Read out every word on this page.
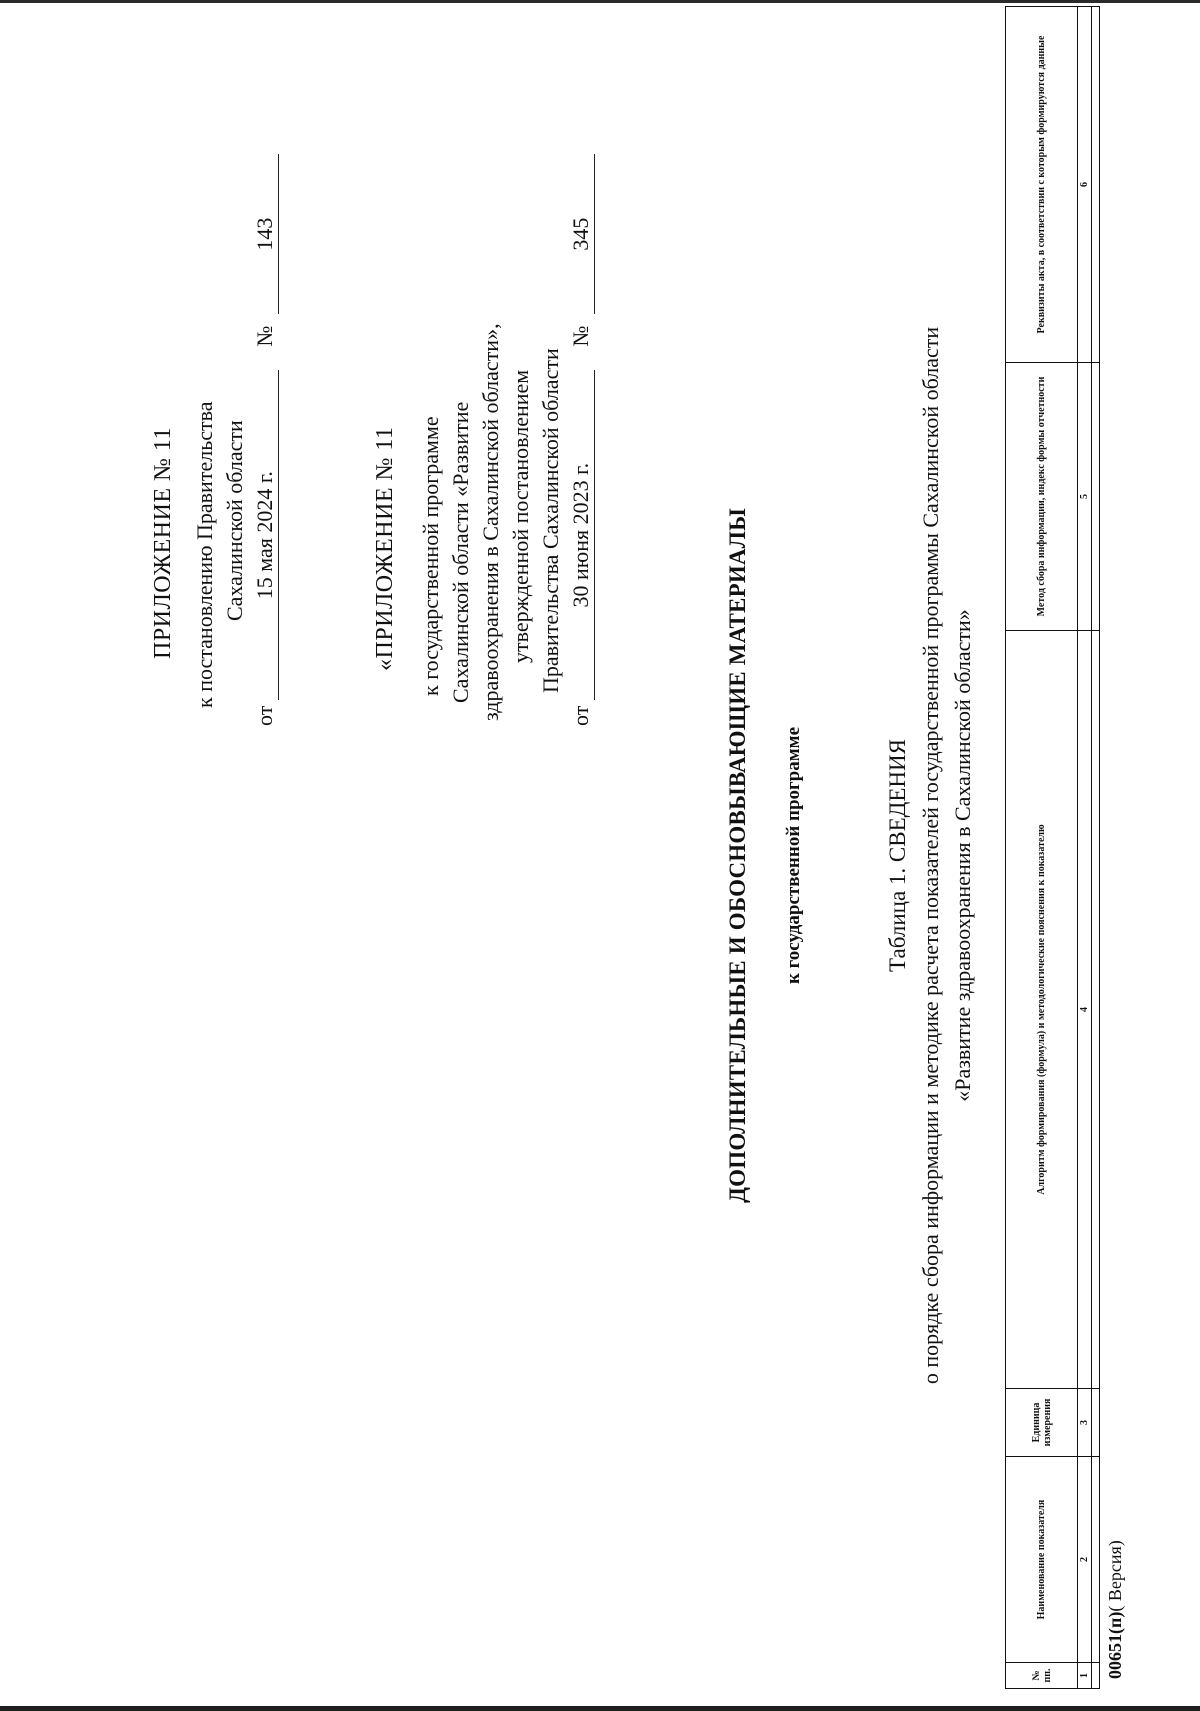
ПРИЛОЖЕНИЕ № 11 к постановлению Правительства Сахалинской области
от 15 мая 2024 г. № 143
«ПРИЛОЖЕНИЕ № 11 к государственной программе Сахалинской области «Развитие здравоохранения в Сахалинской области», утвержденной постановлением Правительства Сахалинской области
от 30 июня 2023 г. № 345
ДОПОЛНИТЕЛЬНЫЕ И ОБОСНОВЫВАЮЩИЕ МАТЕРИАЛЫ к государственной программе	Таблица 1. СВЕДЕНИЯ о порядке сбора информации и методике расчета показателей государственной программы Сахалинской области «Развитие здравоохранения в Сахалинской области»
№ пп.	Наименование показателя	Единица измерения	Алгоритм формирования (формула) и методологические пояснения к показателю	Метод сбора информации, индекс формы отчетности	Реквизиты акта, в соответствии с которым формируются данные
1	2	3	4	5	6

00651(п)( Версия)
